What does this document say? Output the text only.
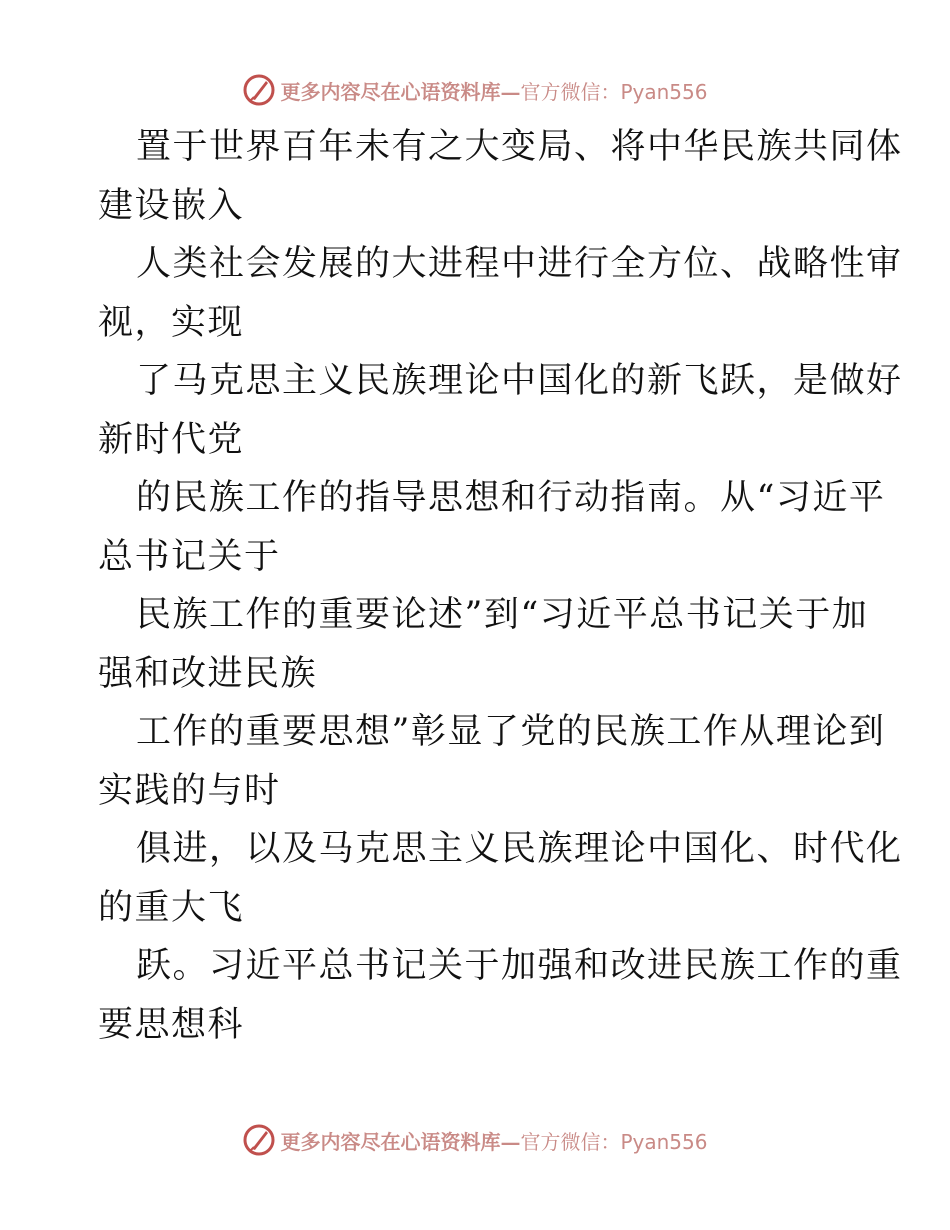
更多内容尽在心语资料库— 官方微信：Pyan556
置于世界百年未有之大变局、将中华民族共同体
建设嵌入
人类社会发展的大进程中进行全方位、战略性审
视，实现
了马克思主义民族理论中国化的新飞跃，是做好
新时代党
的民族工作的指导思想和行动指南。从“习近平
总书记关于
民族工作的重要论述”到“习近平总书记关于加
强和改进民族
工作的重要思想”彰显了党的民族工作从理论到
实践的与时
俱进，以及马克思主义民族理论中国化、时代化
的重大飞
跃。习近平总书记关于加强和改进民族工作的重
要思想科
更多内容尽在心语资料库— 官方微信：Pyan556
